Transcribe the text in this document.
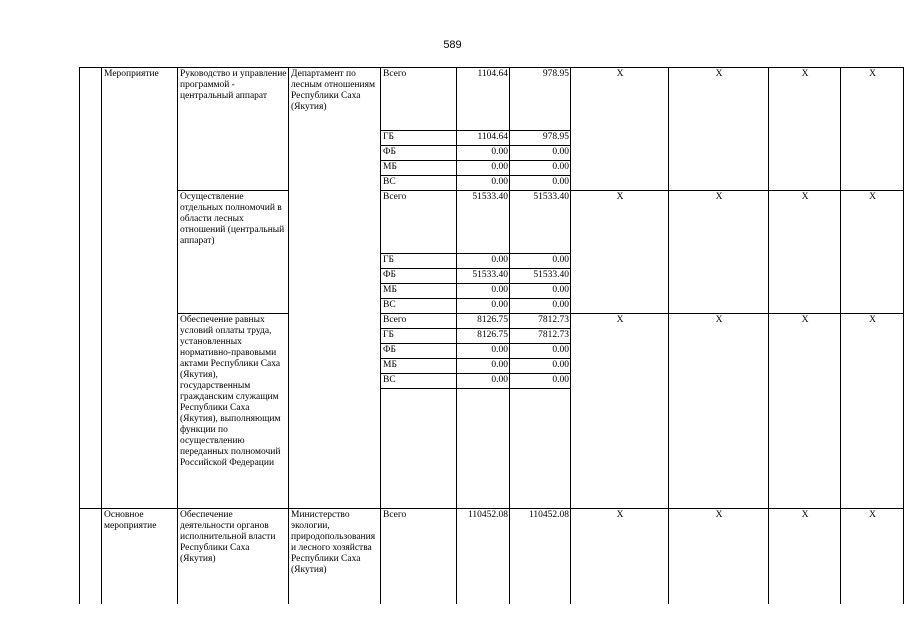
589
	Мероприятие	Руководство и управление программой - центральный аппарат	Департамент по лесным отношениям Республики Саха (Якутия)	Всего	1104.64	978.95	X	X	X	X
				ГБ	1104.64	978.95				
				ФБ	0.00	0.00				
				МБ	0.00	0.00				
				ВС	0.00	0.00				
		Осуществление отдельных полномочий в области лесных отношений (центральный аппарат)		Всего	51533.40	51533.40	X	X	X	X
				ГБ	0.00	0.00				
				ФБ	51533.40	51533.40				
				МБ	0.00	0.00				
				ВС	0.00	0.00				
		Обеспечение равных условий оплаты труда, установленных нормативно-правовыми актами Республики Саха (Якутия), государственным гражданским служащим Республики Саха (Якутия), выполняющим функции по осуществлению переданных полномочий Российской Федерации		Всего	8126.75	7812.73	X	X	X	X
				ГБ	8126.75	7812.73				
				ФБ	0.00	0.00				
				МБ	0.00	0.00				
				ВС	0.00	0.00				

	Основное мероприятие	Обеспечение деятельности органов исполнительной власти Республики Саха (Якутия)	Министерство экологии, природопользования и лесного хозяйства Республики Саха (Якутия)	Всего	110452.08	110452.08	X	X	X	X
